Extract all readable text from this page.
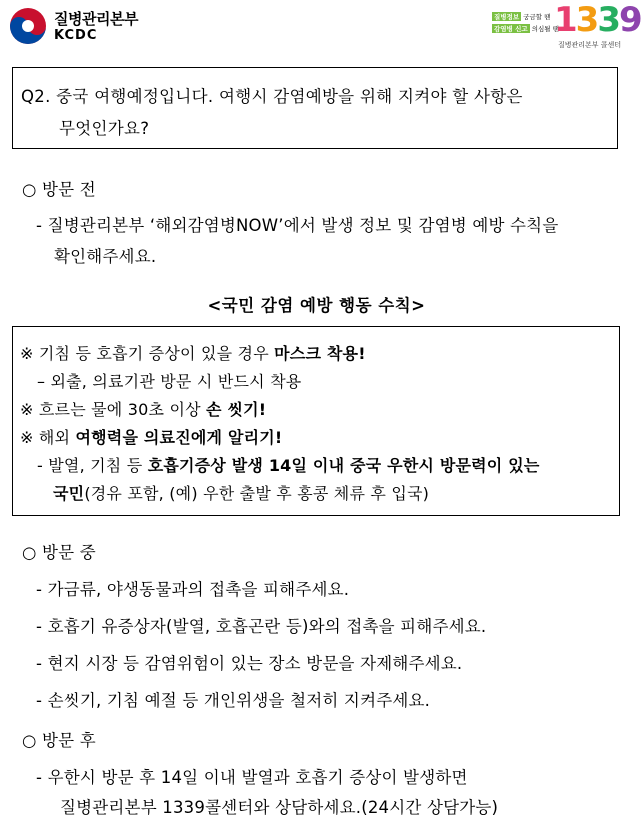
질병관리본부
KCDC
질병정보 궁금할 땐
감염병 신고 의심될 땐
1339
질병관리본부 콜센터
Q2. 중국 여행예정입니다. 여행시 감염예방을 위해 지켜야 할 사항은
무엇인가요?
○ 방문 전
- 질병관리본부 ‘해외감염병NOW’에서 발생 정보 및 감염병 예방 수칙을
확인해주세요.
<국민 감염 예방 행동 수칙>
※ 기침 등 호흡기 증상이 있을 경우 마스크 착용!
– 외출, 의료기관 방문 시 반드시 착용
※ 흐르는 물에 30초 이상 손 씻기!
※ 해외 여행력을 의료진에게 알리기!
- 발열, 기침 등 호흡기증상 발생 14일 이내 중국 우한시 방문력이 있는
국민(경유 포함, (예) 우한 출발 후 홍콩 체류 후 입국)
○ 방문 중
- 가금류, 야생동물과의 접촉을 피해주세요.
- 호흡기 유증상자(발열, 호흡곤란 등)와의 접촉을 피해주세요.
- 현지 시장 등 감염위험이 있는 장소 방문을 자제해주세요.
- 손씻기, 기침 예절 등 개인위생을 철저히 지켜주세요.
○ 방문 후
- 우한시 방문 후 14일 이내 발열과 호흡기 증상이 발생하면
질병관리본부 1339콜센터와 상담하세요.(24시간 상담가능)
